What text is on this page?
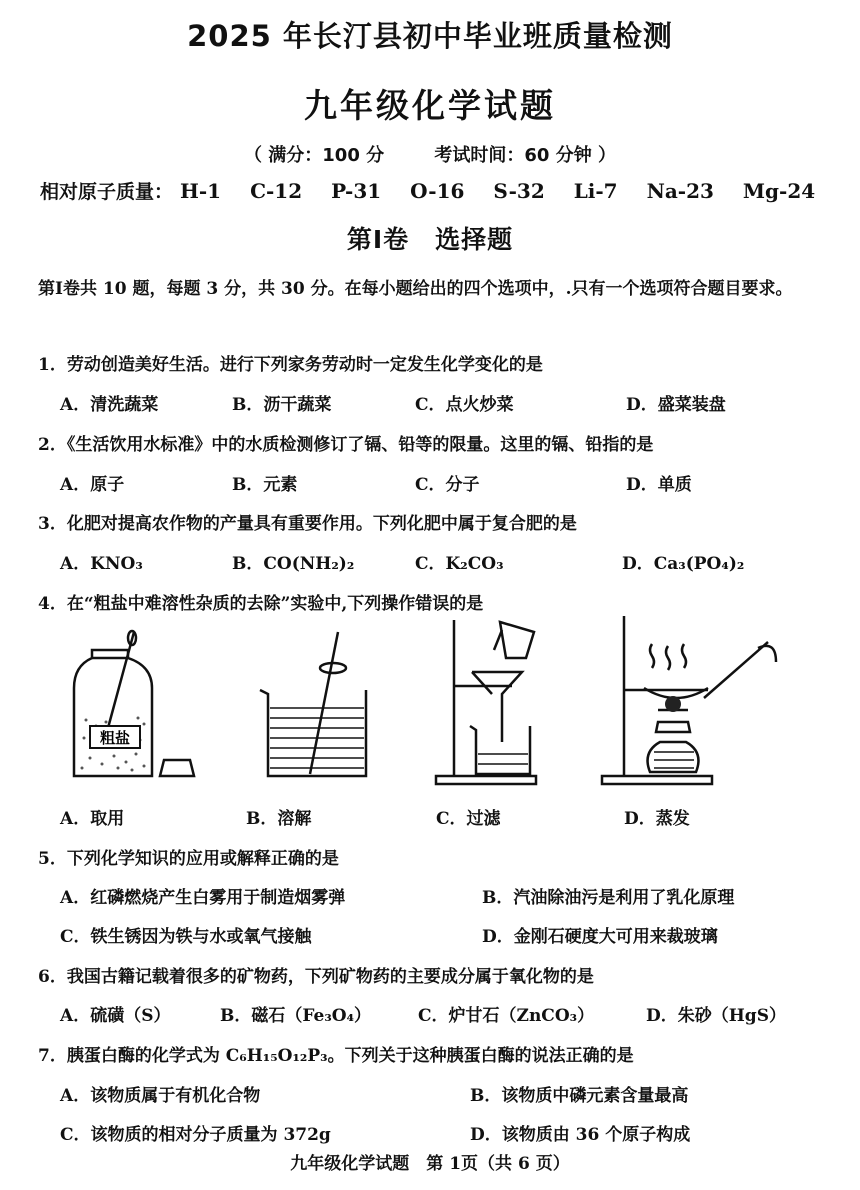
2025 年长汀县初中毕业班质量检测
九年级化学试题
（ 满分：100 分	考试时间：60 分钟 ）
相对原子质量： H-1 C-12 P-31 O-16 S-32 Li-7 Na-23 Mg-24
第Ⅰ卷　选择题
第Ⅰ卷共 10 题，每题 3 分，共 30 分。在每小题给出的四个选项中，.只有一个选项符合题目要求。
1．劳动创造美好生活。进行下列家务劳动时一定发生化学变化的是
A．清洗蔬菜	B．沥干蔬菜	C．点火炒菜	D．盛菜装盘
2．《生活饮用水标准》中的水质检测修订了镉、铅等的限量。这里的镉、铅指的是
A．原子	B．元素	C．分子	D．单质
3．化肥对提高农作物的产量具有重要作用。下列化肥中属于复合肥的是
A．KNO₃	B．CO(NH₂)₂	C．K₂CO₃	D．Ca₃(PO₄)₂
4．在“粗盐中难溶性杂质的去除”实验中,下列操作错误的是
粗盐
A．取用	B．溶解	C．过滤	D．蒸发
5．下列化学知识的应用或解释正确的是
A．红磷燃烧产生白雾用于制造烟雾弹	B．汽油除油污是利用了乳化原理
C．铁生锈因为铁与水或氧气接触	D．金刚石硬度大可用来裁玻璃
6．我国古籍记载着很多的矿物药，下列矿物药的主要成分属于氧化物的是
A．硫磺（S）	B．磁石（Fe₃O₄）	C．炉甘石（ZnCO₃）	D．朱砂（HgS）
7．胰蛋白酶的化学式为 C₆H₁₅O₁₂P₃。下列关于这种胰蛋白酶的说法正确的是
A．该物质属于有机化合物	B．该物质中磷元素含量最高
C．该物质的相对分子质量为 372g	D．该物质由 36 个原子构成
九年级化学试题　第 1页（共 6 页）
